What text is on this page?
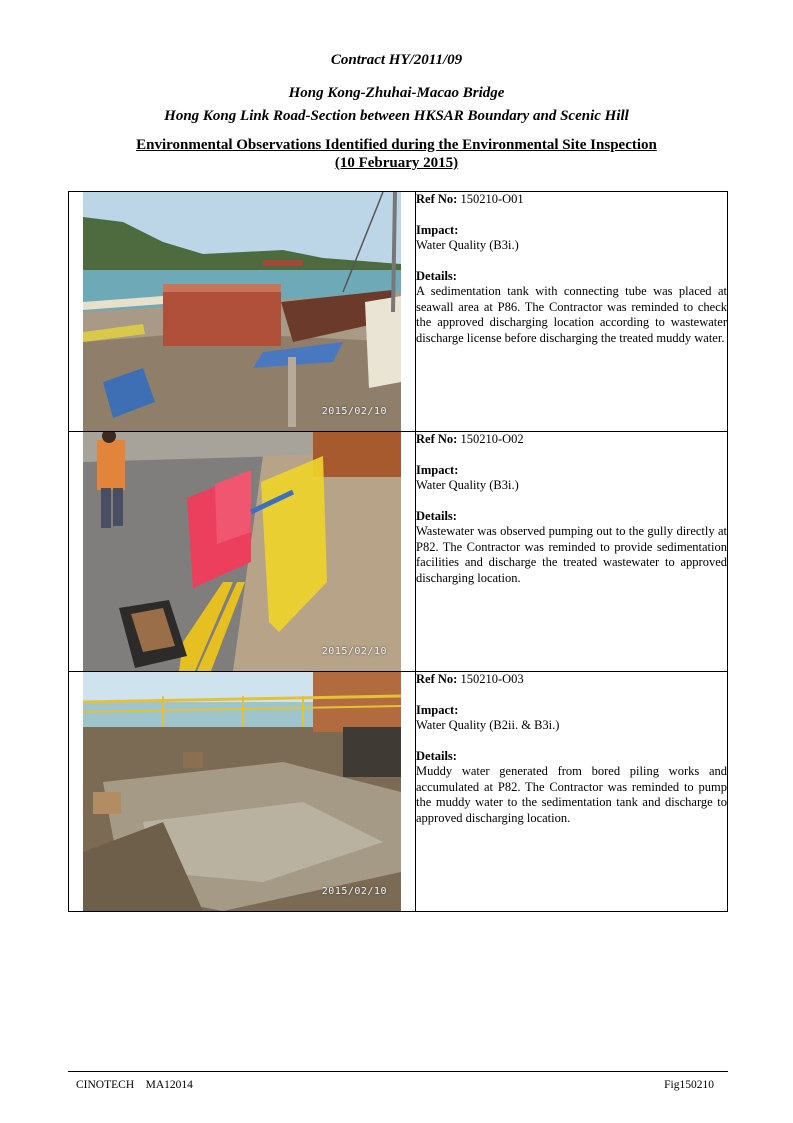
Contract HY/2011/09
Hong Kong-Zhuhai-Macao Bridge
Hong Kong Link Road-Section between HKSAR Boundary and Scenic Hill
Environmental Observations Identified during the Environmental Site Inspection
(10 February 2015)
2015/02/10	Ref No: 150210-O01
Impact:
Water Quality (B3i.)
Details:
A sedimentation tank with connecting tube was placed at seawall area at P86. The Contractor was reminded to check the approved discharging location according to wastewater discharge license before discharging the treated muddy water.

2015/02/10	Ref No: 150210-O02
Impact:
Water Quality (B3i.)
Details:
Wastewater was observed pumping out to the gully directly at P82. The Contractor was reminded to provide sedimentation facilities and discharge the treated wastewater to approved discharging location.

2015/02/10	Ref No: 150210-O03
Impact:
Water Quality (B2ii. & B3i.)
Details:
Muddy water generated from bored piling works and accumulated at P82. The Contractor was reminded to pump the muddy water to the sedimentation tank and discharge to approved discharging location.
CINOTECH    MA12014	Fig150210
